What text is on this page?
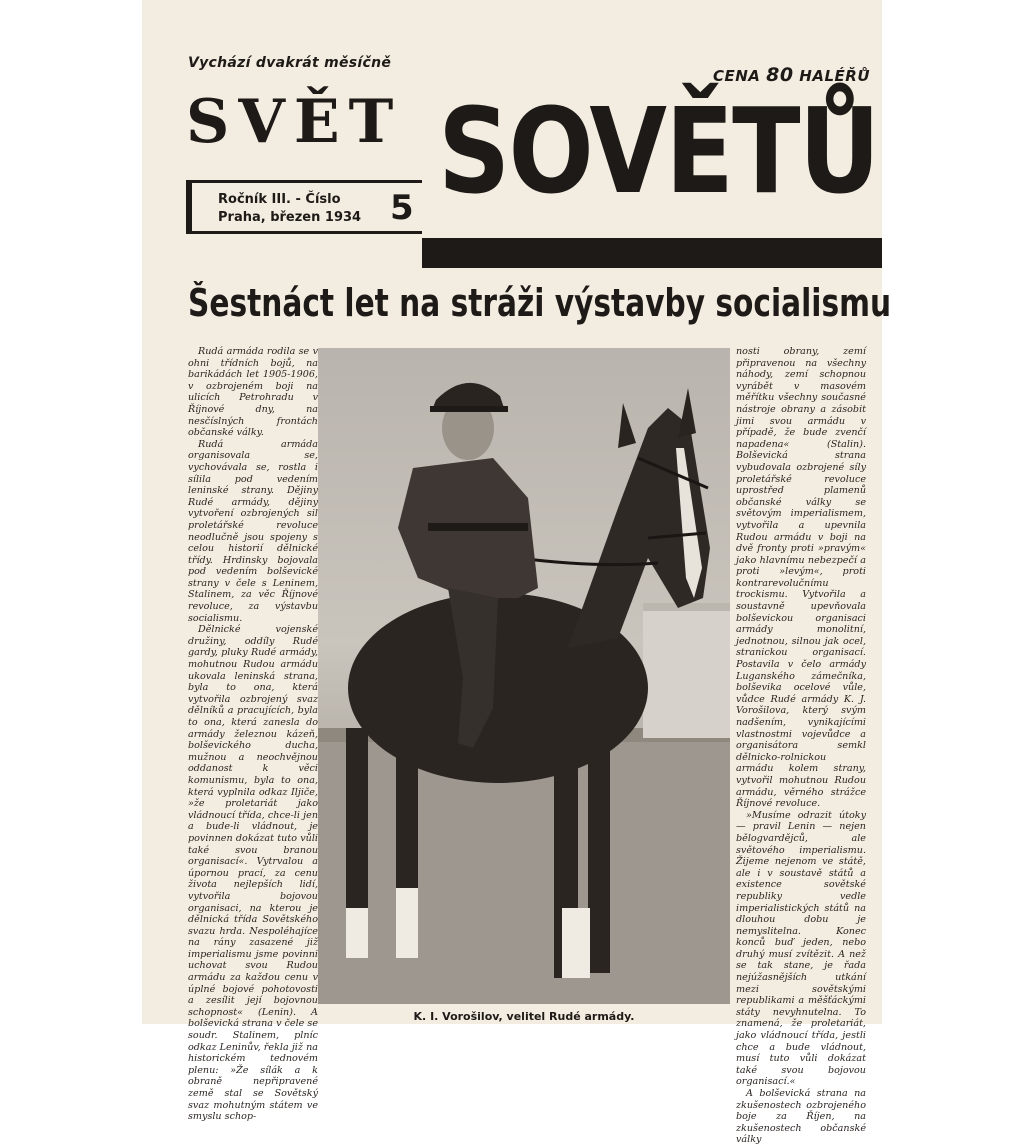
Vychází dvakrát měsíčně
CENA 80 HALÉŘŮ
SVĚT SOVĚTŮ
Ročník III. - Číslo
Praha, březen 1934 5
Šestnáct let na stráži výstavby socialismu

Rudá armáda rodila se v ohni třídních bojů, na barikádách let 1905-1906, v ozbrojeném boji na ulicích Petrohradu v Říjnové dny, na nesčíslných frontách občanské války.

Rudá armáda organisovala se, vychovávala se, rostla i sílila pod vedením leninské strany. Dějiny Rudé armády, dějiny vytvoření ozbrojených sil proletářské revoluce neodlučně jsou spojeny s celou historií dělnické třídy. Hrdinsky bojovala pod vedením bolševické strany v čele s Leninem, Stalinem, za věc Říjnové revoluce, za výstavbu socialismu.

Dělnické vojenské družiny, oddíly Rudé gardy, pluky Rudé armády, mohutnou Rudou armádu ukovala leninská strana, byla to ona, která vytvořila ozbrojený svaz dělníků a pracujících, byla to ona, která zanesla do armády železnou kázeň, bolševického ducha, mužnou a neochvějnou oddanost k věci komunismu, byla to ona, která vyplnila odkaz Iljiče, »že proletariát jako vládnoucí třída, chce-li jen a bude-li vládnout, je povinnen dokázat tuto vůli také svou branou organisací«. Vytrvalou a úpornou prací, za cenu života nejlepších lidí, vytvořila bojovou organisaci, na kterou je dělnická třída Sovětského svazu hrda. Nespoléhajíce na rány zasazené již imperialismu jsme povinni uchovat svou Rudou armádu za každou cenu v úplné bojové pohotovosti a zesílit její bojovnou schopnost« (Lenin). A bolševická strana v čele se soudr. Stalinem, plníc odkaz Leninův, řekla již na historickém tednovém plenu: »Že sílák a k obraně nepřipravené země stal se Sovětský svaz mohutným státem ve smyslu schop-

K. I. Vorošilov, velitel Rudé armády.

nosti obrany, zemí připravenou na všechny náhody, zemí schopnou vyrábět v masovém měřítku všechny současné nástroje obrany a zásobit jimi svou armádu v případě, že bude zvenčí napadena« (Stalin). Bolševická strana vybudovala ozbrojené síly proletářské revoluce uprostřed plamenů občanské války se světovým imperialismem, vytvořila a upevnila Rudou armádu v boji na dvě fronty proti »pravým« jako hlavnímu nebezpečí a proti »levým«, proti kontrarevolučnímu trockismu. Vytvořila a soustavně upevňovala bolševickou organisaci armády monolitní, jednotnou, silnou jak ocel, stranickou organisací. Postavila v čelo armády Luganského zámečníka, bolševika ocelové vůle, vůdce Rudé armády K. J. Vorošilova, který svým nadšením, vynikajícími vlastnostmi vojevůdce a organisátora semkl dělnicko-rolnickou armádu kolem strany, vytvořil mohutnou Rudou armádu, věrného strážce Říjnové revoluce.

»Musíme odrazit útoky — pravil Lenin — nejen bělogvardějců, ale světového imperialismu. Žijeme nejenom ve státě, ale i v soustavě států a existence sovětské republiky vedle imperialistických států na dlouhou dobu je nemyslitelna. Konec konců buď jeden, nebo druhý musí zvítězit. A než se tak stane, je řada nejúžasnějších utkání mezi sovětskými republikami a měšťáckými státy nevyhnutelna. To znamená, že proletariát, jako vládnoucí třída, jestli chce a bude vládnout, musí tuto vůli dokázat také svou bojovou organisací.«

A bolševická strana na zkušenostech ozbrojeného boje za Říjen, na zkušenostech občanské války
